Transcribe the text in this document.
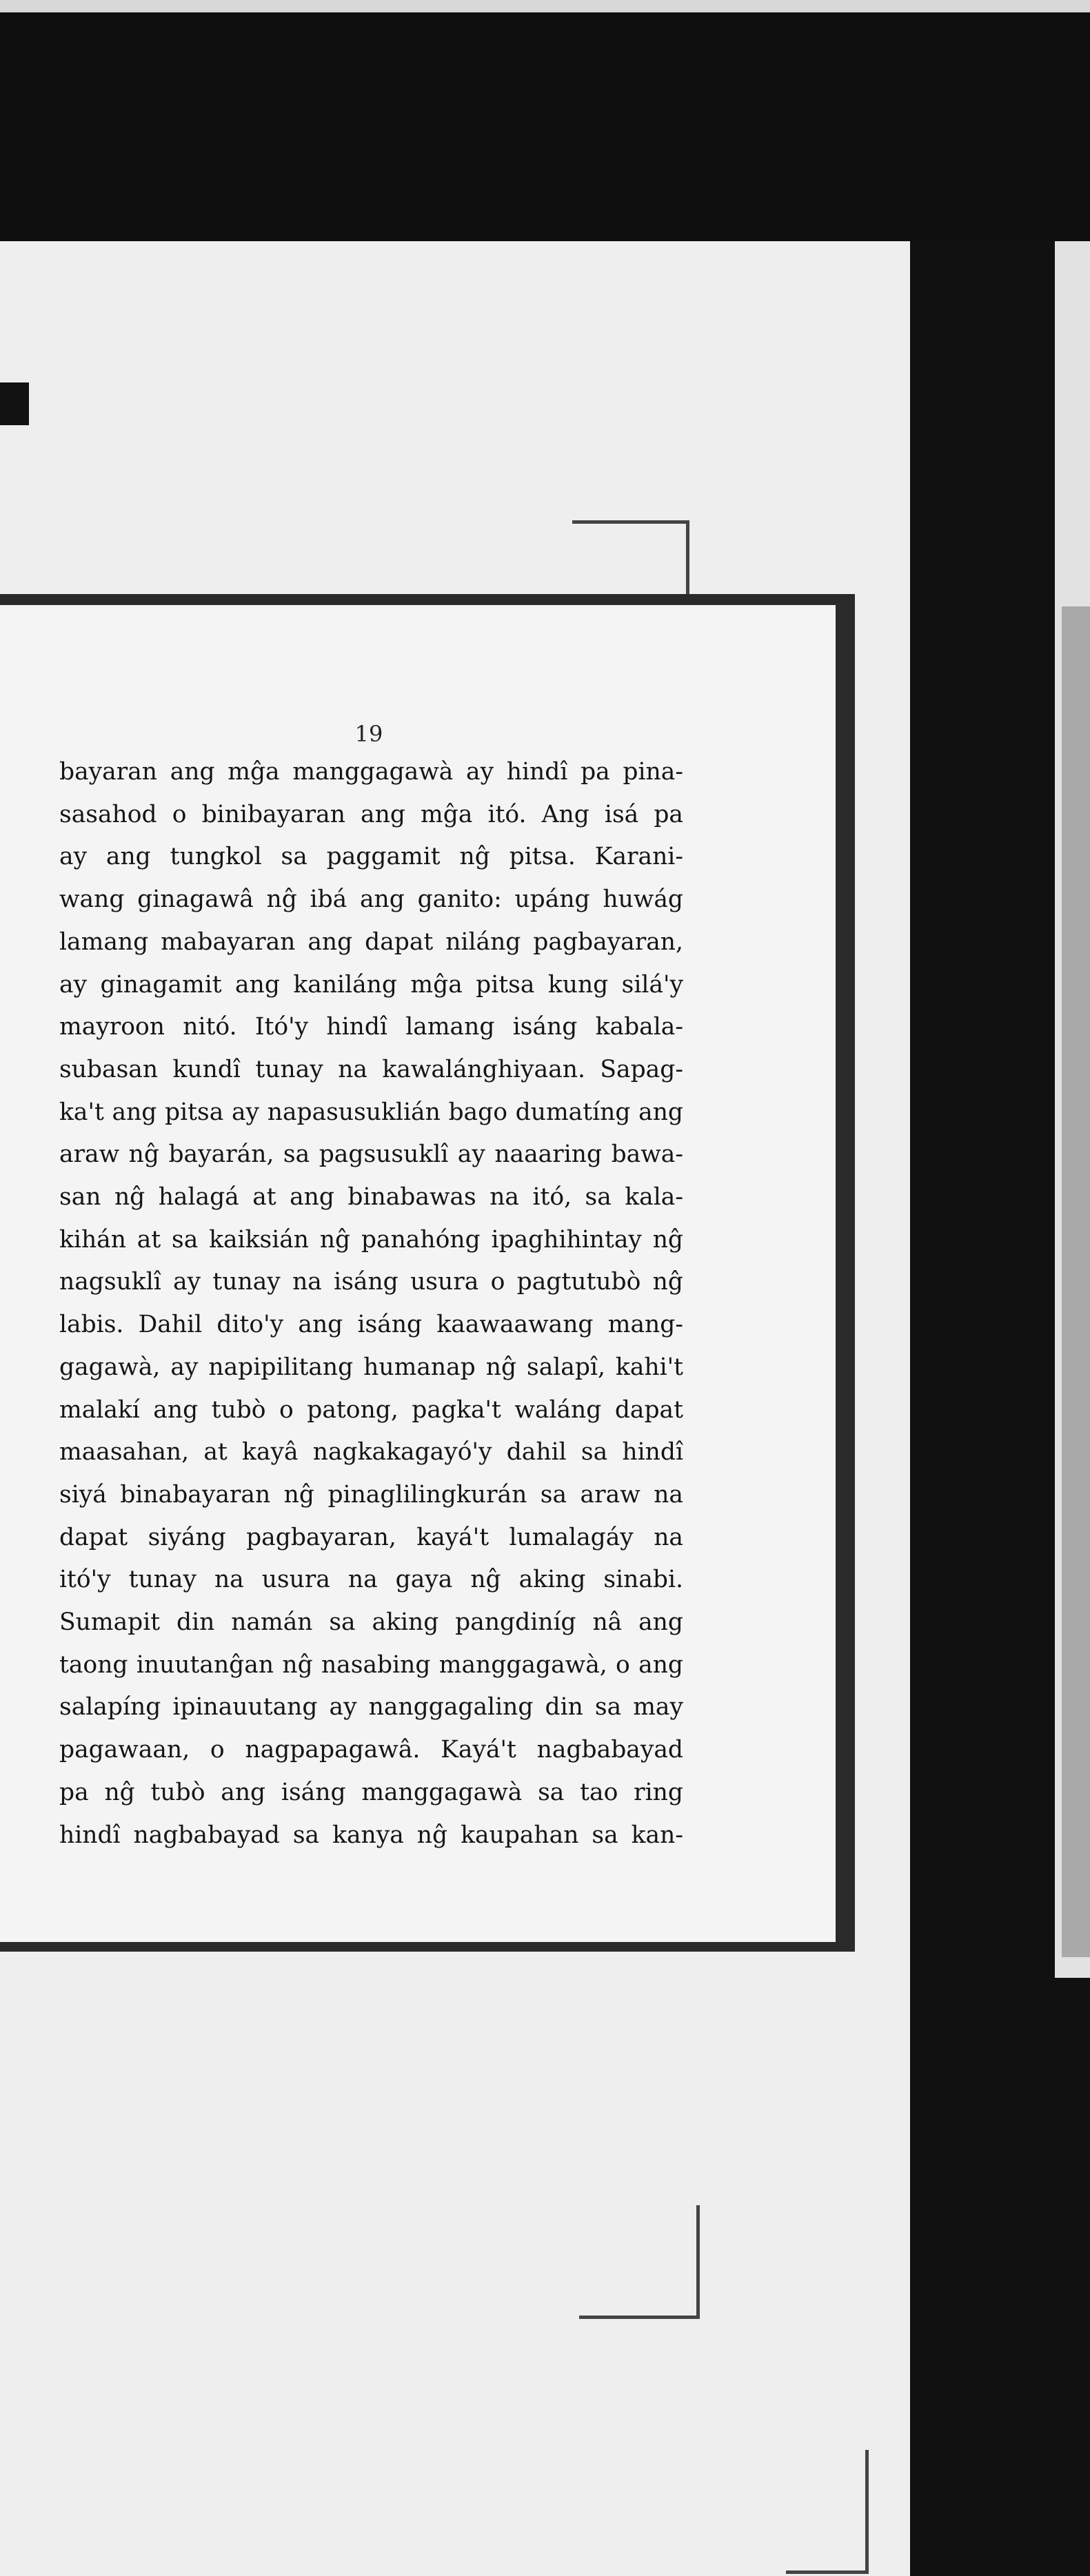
19
bayaran ang mĝa manggagawà ay hindî pa pina-
sasahod o binibayaran ang mĝa itó. Ang isá pa
ay ang tungkol sa paggamit nĝ pitsa. Karani-
wang ginagawâ nĝ ibá ang ganito: upáng huwág
lamang mabayaran ang dapat niláng pagbayaran,
ay ginagamit ang kaniláng mĝa pitsa kung silá'y
mayroon nitó. Itó'y hindî lamang isáng kabala-
subasan kundî tunay na kawalánghiyaan. Sapag-
ka't ang pitsa ay napasusuklián bago dumatíng ang
araw nĝ bayarán, sa pagsusuklî ay naaaring bawa-
san nĝ halagá at ang binabawas na itó, sa kala-
kihán at sa kaiksián nĝ panahóng ipaghihintay nĝ
nagsuklî ay tunay na isáng usura o pagtutubò nĝ
labis. Dahil dito'y ang isáng kaawaawang mang-
gagawà, ay napipilitang humanap nĝ salapî, kahi't
malakí ang tubò o patong, pagka't waláng dapat
maasahan, at kayâ nagkakagayó'y dahil sa hindî
siyá binabayaran nĝ pinaglilingkurán sa araw na
dapat siyáng pagbayaran, kayá't lumalagáy na
itó'y tunay na usura na gaya nĝ aking sinabi.
Sumapit din namán sa aking pangdiníg nâ ang
taong inuutanĝan nĝ nasabing manggagawà, o ang
salapíng ipinauutang ay nanggagaling din sa may
pagawaan, o nagpapagawâ. Kayá't nagbabayad
pa nĝ tubò ang isáng manggagawà sa tao ring
hindî nagbabayad sa kanya nĝ kaupahan sa kan-
